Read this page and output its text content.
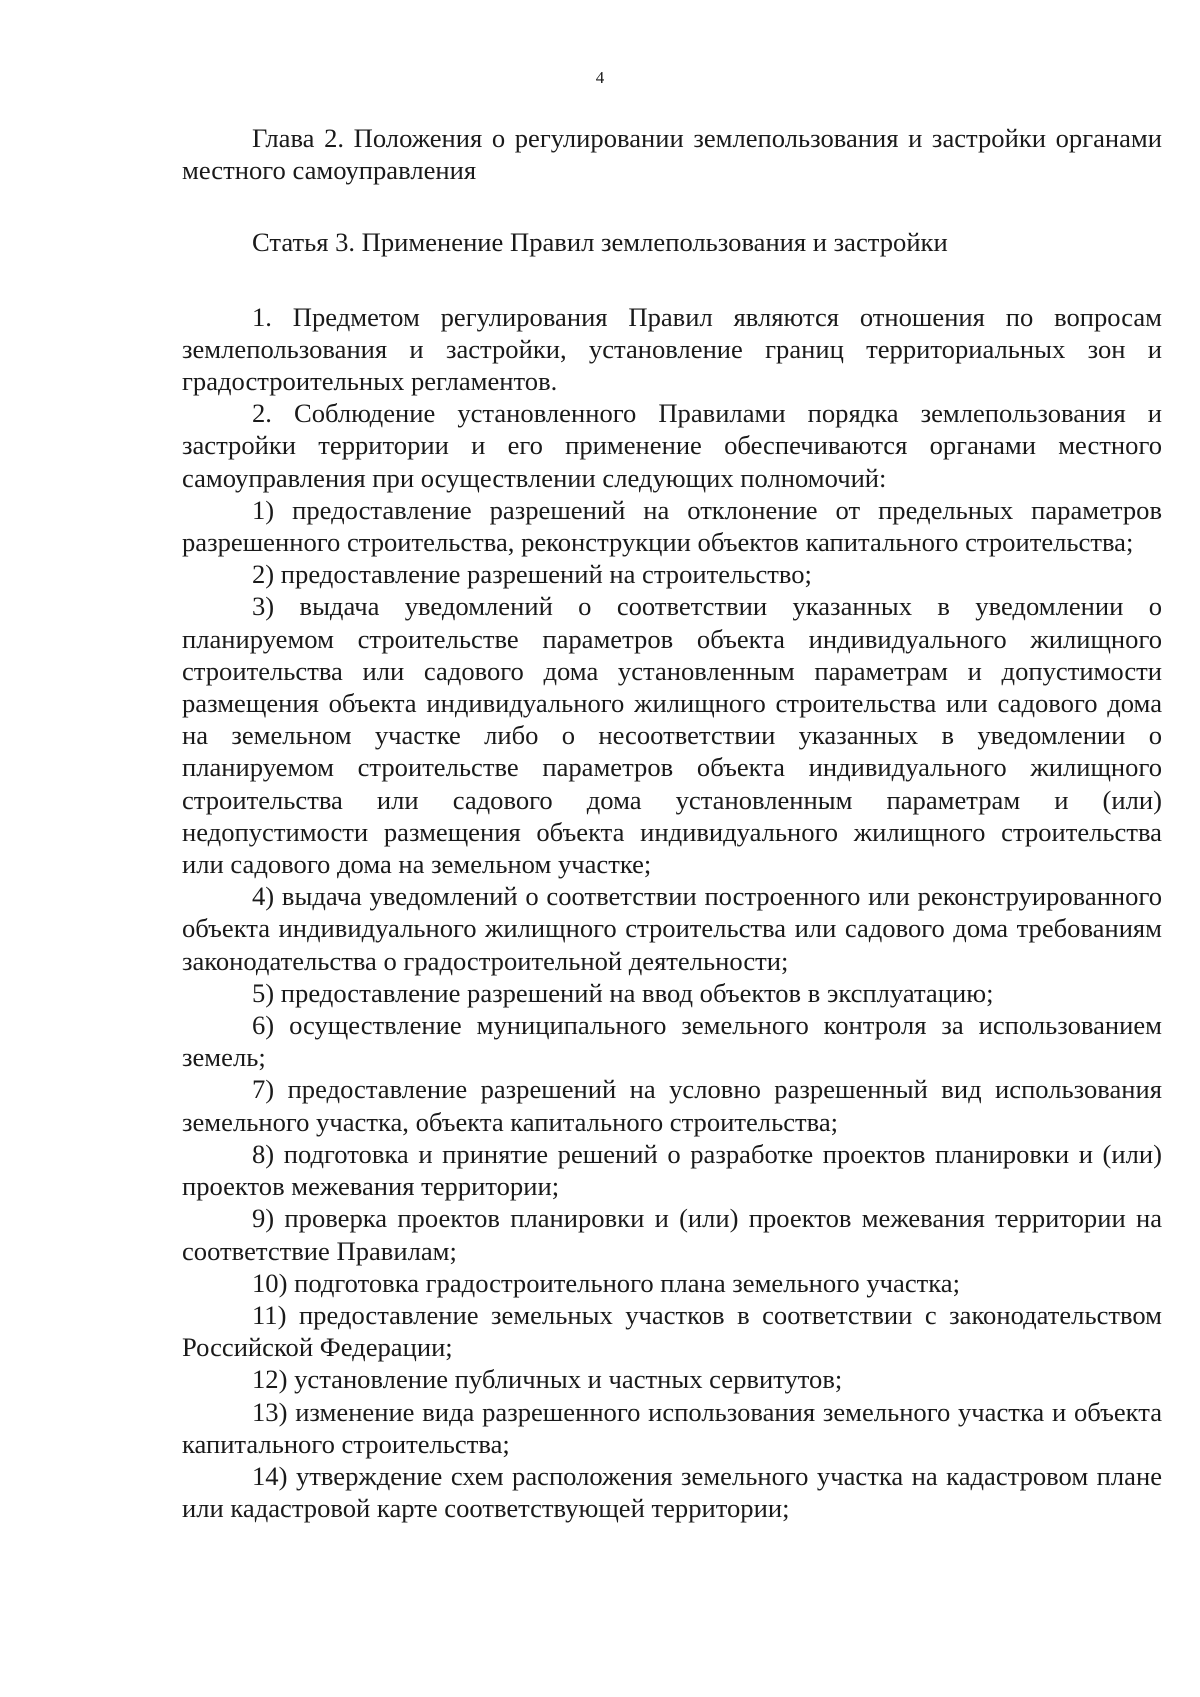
4

Глава 2. Положения о регулировании землепользования и застройки органами местного самоуправления

Статья 3. Применение Правил землепользования и застройки

1. Предметом регулирования Правил являются отношения по вопросам землепользования и застройки, установление границ территориальных зон и градостроительных регламентов.

2. Соблюдение установленного Правилами порядка землепользования и застройки территории и его применение обеспечиваются органами местного самоуправления при осуществлении следующих полномочий:

1) предоставление разрешений на отклонение от предельных параметров разрешенного строительства, реконструкции объектов капитального строительства;

2) предоставление разрешений на строительство;

3) выдача уведомлений о соответствии указанных в уведомлении о планируемом строительстве параметров объекта индивидуального жилищного строительства или садового дома установленным параметрам и допустимости размещения объекта индивидуального жилищного строительства или садового дома на земельном участке либо о несоответствии указанных в уведомлении о планируемом строительстве параметров объекта индивидуального жилищного строительства или садового дома установленным параметрам и (или) недопустимости размещения объекта индивидуального жилищного строительства или садового дома на земельном участке;

4) выдача уведомлений о соответствии построенного или реконструированного объекта индивидуального жилищного строительства или садового дома требованиям законодательства о градостроительной деятельности;

5) предоставление разрешений на ввод объектов в эксплуатацию;

6) осуществление муниципального земельного контроля за использованием земель;

7) предоставление разрешений на условно разрешенный вид использования земельного участка, объекта капитального строительства;

8) подготовка и принятие решений о разработке проектов планировки и (или) проектов межевания территории;

9) проверка проектов планировки и (или) проектов межевания территории на соответствие Правилам;

10) подготовка градостроительного плана земельного участка;

11) предоставление земельных участков в соответствии с законодательством Российской Федерации;

12) установление публичных и частных сервитутов;

13) изменение вида разрешенного использования земельного участка и объекта капитального строительства;

14) утверждение схем расположения земельного участка на кадастровом плане или кадастровой карте соответствующей территории;
